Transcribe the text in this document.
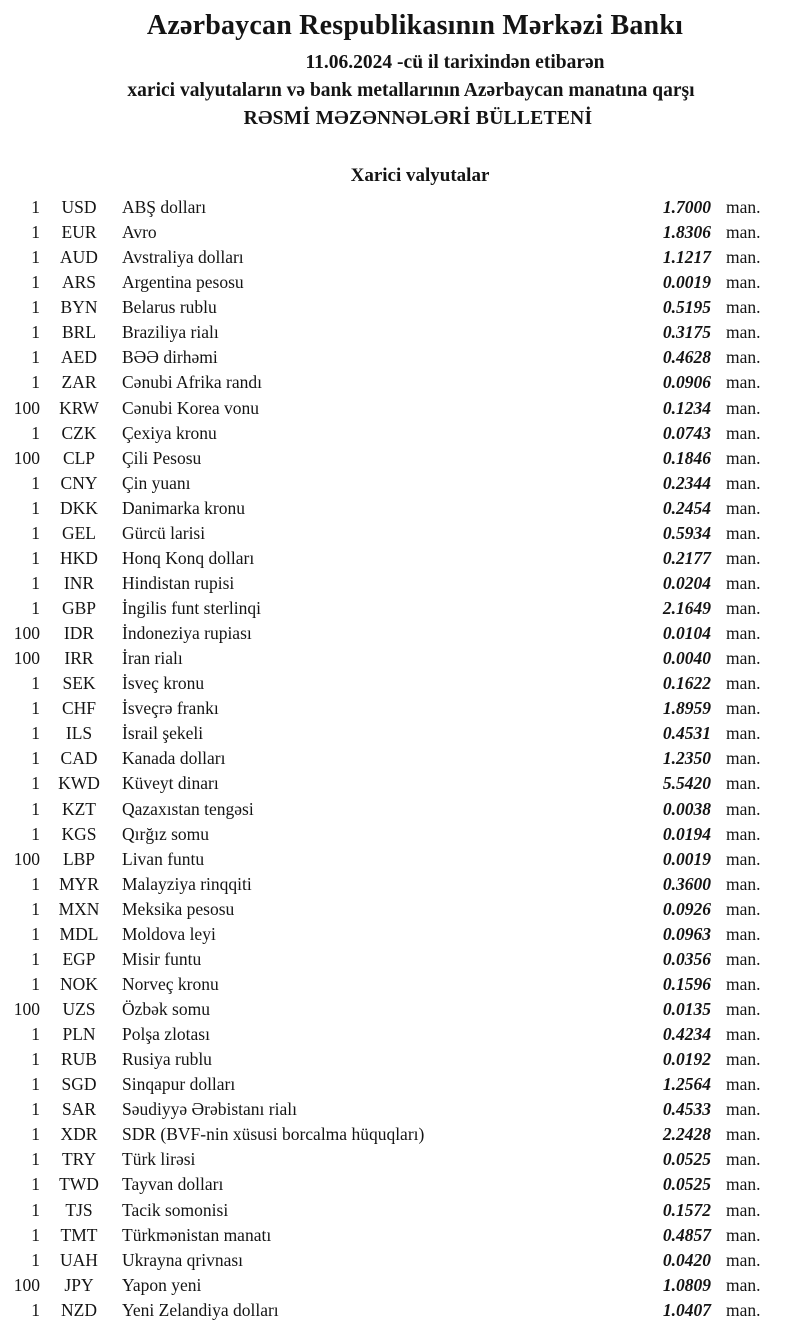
Azərbaycan Respublikasının Mərkəzi Bankı
11.06.2024 -cü il tarixindən etibarən
xarici valyutaların və bank metallarının Azərbaycan manatına qarşı
RƏSMİ MƏZƏNNƏLƏRİ BÜLLETENİ
Xarici valyutalar
1	USD	ABŞ dolları	1.7000 man.
1	EUR	Avro	1.8306 man.
1	AUD	Avstraliya dolları	1.1217 man.
1	ARS	Argentina pesosu	0.0019 man.
1	BYN	Belarus rublu	0.5195 man.
1	BRL	Braziliya rialı	0.3175 man.
1	AED	BƏƏ dirhəmi	0.4628 man.
1	ZAR	Cənubi Afrika randı	0.0906 man.
100	KRW	Cənubi Korea vonu	0.1234 man.
1	CZK	Çexiya kronu	0.0743 man.
100	CLP	Çili Pesosu	0.1846 man.
1	CNY	Çin yuanı	0.2344 man.
1	DKK	Danimarka kronu	0.2454 man.
1	GEL	Gürcü larisi	0.5934 man.
1	HKD	Honq Konq dolları	0.2177 man.
1	INR	Hindistan rupisi	0.0204 man.
1	GBP	İngilis funt sterlinqi	2.1649 man.
100	IDR	İndoneziya rupiası	0.0104 man.
100	IRR	İran rialı	0.0040 man.
1	SEK	İsveç kronu	0.1622 man.
1	CHF	İsveçrə frankı	1.8959 man.
1	ILS	İsrail şekeli	0.4531 man.
1	CAD	Kanada dolları	1.2350 man.
1	KWD	Küveyt dinarı	5.5420 man.
1	KZT	Qazaxıstan tengəsi	0.0038 man.
1	KGS	Qırğız somu	0.0194 man.
100	LBP	Livan funtu	0.0019 man.
1	MYR	Malayziya rinqqiti	0.3600 man.
1	MXN	Meksika pesosu	0.0926 man.
1	MDL	Moldova leyi	0.0963 man.
1	EGP	Misir funtu	0.0356 man.
1	NOK	Norveç kronu	0.1596 man.
100	UZS	Özbək somu	0.0135 man.
1	PLN	Polşa zlotası	0.4234 man.
1	RUB	Rusiya rublu	0.0192 man.
1	SGD	Sinqapur dolları	1.2564 man.
1	SAR	Səudiyyə Ərəbistanı rialı	0.4533 man.
1	XDR	SDR (BVF-nin xüsusi borcalma hüquqları)	2.2428 man.
1	TRY	Türk lirəsi	0.0525 man.
1	TWD	Tayvan dolları	0.0525 man.
1	TJS	Tacik somonisi	0.1572 man.
1	TMT	Türkmənistan manatı	0.4857 man.
1	UAH	Ukrayna qrivnası	0.0420 man.
100	JPY	Yapon yeni	1.0809 man.
1	NZD	Yeni Zelandiya dolları	1.0407 man.
